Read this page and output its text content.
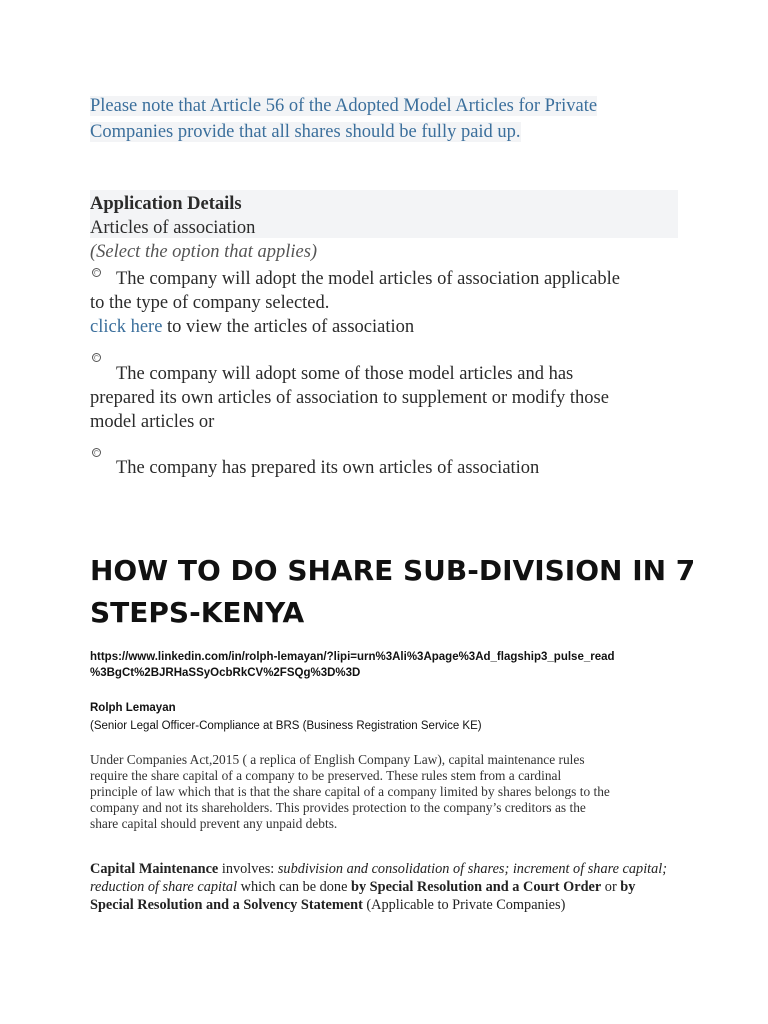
Please note that Article 56 of the Adopted Model Articles for Private
Companies provide that all shares should be fully paid up.
Application Details
Articles of association
(Select the option that applies)
The company will adopt the model articles of association applicable
to the type of company selected.
click here to view the articles of association
The company will adopt some of those model articles and has
prepared its own articles of association to supplement or modify those
model articles or
The company has prepared its own articles of association
HOW TO DO SHARE SUB-DIVISION IN 7
STEPS-KENYA
https://www.linkedin.com/in/rolph-lemayan/?lipi=urn%3Ali%3Apage%3Ad_flagship3_pulse_read
%3BgCt%2BJRHaSSyOcbRkCV%2FSQg%3D%3D
Rolph Lemayan
(Senior Legal Officer-Compliance at BRS (Business Registration Service KE)
Under Companies Act,2015 ( a replica of English Company Law), capital maintenance rules
require the share capital of a company to be preserved. These rules stem from a cardinal
principle of law which that is that the share capital of a company limited by shares belongs to the
company and not its shareholders. This provides protection to the company’s creditors as the
share capital should prevent any unpaid debts.
Capital Maintenance involves: subdivision and consolidation of shares; increment of share capital; reduction of share capital which can be done by Special Resolution and a Court Order or by Special Resolution and a Solvency Statement (Applicable to Private Companies)
